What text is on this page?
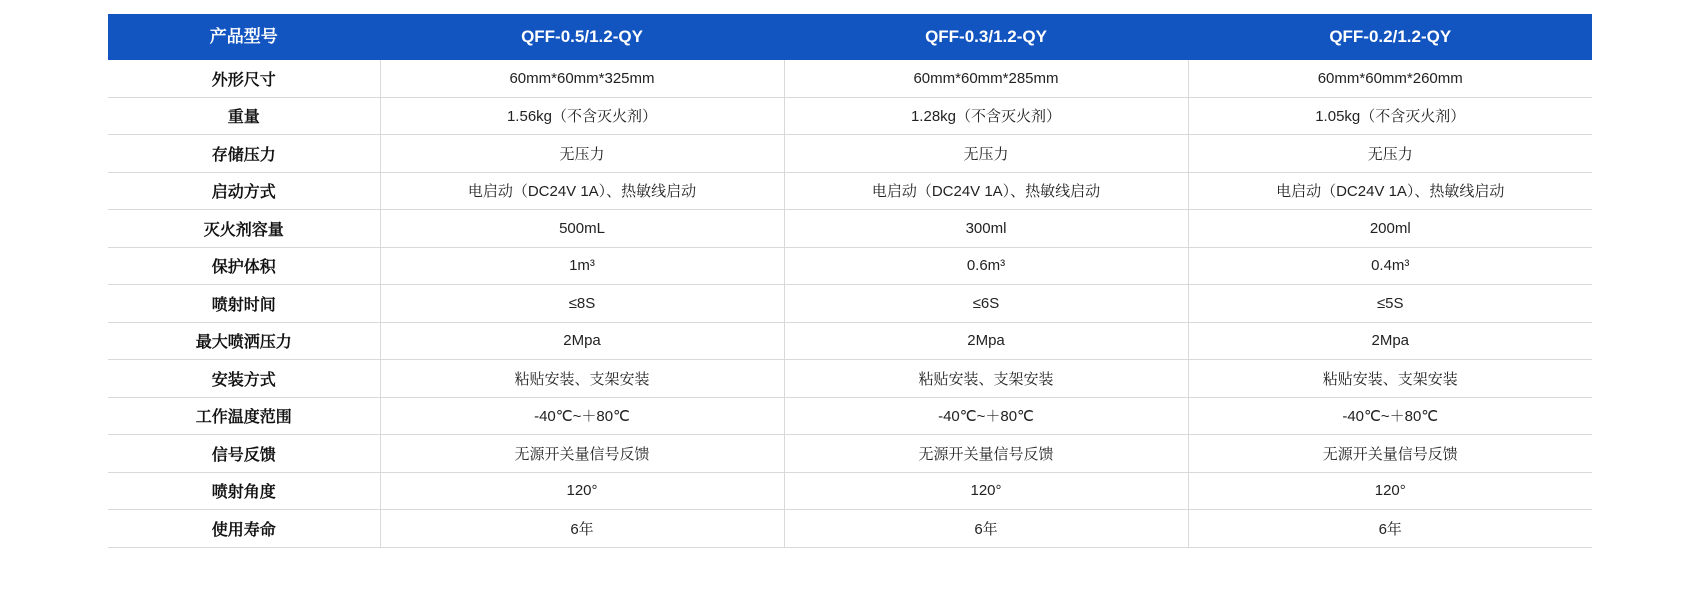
产品型号	QFF-0.5/1.2-QY	QFF-0.3/1.2-QY	QFF-0.2/1.2-QY
外形尺寸	60mm*60mm*325mm	60mm*60mm*285mm	60mm*60mm*260mm
重量	1.56kg（不含灭火剂）	1.28kg（不含灭火剂）	1.05kg（不含灭火剂）
存储压力	无压力	无压力	无压力
启动方式	电启动（DC24V 1A）、热敏线启动	电启动（DC24V 1A）、热敏线启动	电启动（DC24V 1A）、热敏线启动
灭火剂容量	500mL	300ml	200ml
保护体积	1m³	0.6m³	0.4m³
喷射时间	≤8S	≤6S	≤5S
最大喷洒压力	2Mpa	2Mpa	2Mpa
安装方式	粘贴安装、支架安装	粘贴安装、支架安装	粘贴安装、支架安装
工作温度范围	-40℃~＋80℃	-40℃~＋80℃	-40℃~＋80℃
信号反馈	无源开关量信号反馈	无源开关量信号反馈	无源开关量信号反馈
喷射角度	120°	120°	120°
使用寿命	6年	6年	6年
